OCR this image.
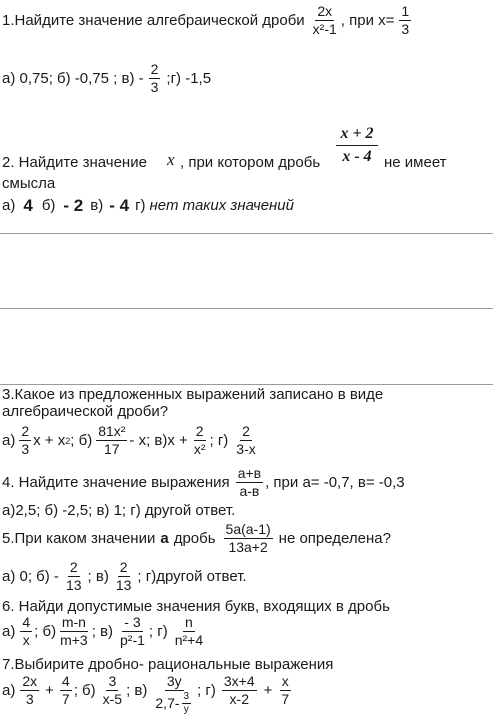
1.Найдите значение алгебраической дроби $\frac{2x}{\text{x²-1}}$ , при $x= \frac{1}{3}$
а) 0,75; б) -0,75 ; $в) - \frac{2}{3}$ ;г) -1,5
2. Найдите значение x , при котором дробь $\frac{x + 2}{x - 4}$ не имеет
смысла
а) 4 б) - 2 в) - 4 г) нет таких значений
3.Какое из предложенных выражений записано в виде
алгебраической дроби?
$а) \frac{2}{3}$ x + x 2 ; $б) \frac{\text{81x²}}{17}$ - x; $в)x + \frac{2}{\text{x²}}$ ; $г) \frac{2}{3-x}$
4. Найдите значение выражения $\frac{а+в}{а-в}$ , при а= -0,7, в= -0,3
а)2,5; б) -2,5; в) 1; г) другой ответ.
5.При каком значении а дробь $\frac{5а(а-1)}{13а+2}$ не определена?
а) 0; $б) - \frac{2}{13}$ ; $в) \frac{2}{13}$ ; г)другой ответ.
6. Найди допустимые значения букв, входящих в дробь
$а) \frac{4}{x}$ ; $б) \frac{m-n}{m+3}$ ; $в) \frac{- 3}{\text{p²-1}}$ ; $г) \frac{n}{\text{n²+4}}$
7.Выбирите дробно- рациональные выражения
$а) \frac{2x}{3} + \frac{4}{7}$ ; $б) \frac{3}{x-5}$ ; $в) \frac{3y}{2,7- \frac{3}{y}}$ ; $г) \frac{3x+4}{x-2} + \frac{x}{7}$
